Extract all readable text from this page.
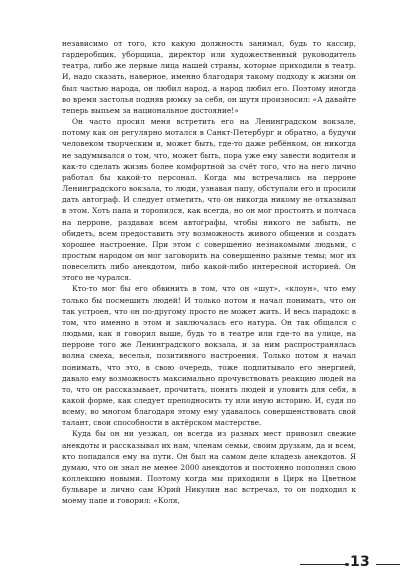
независимо от того, кто какую должность занимал, будь то кассир, гардеробщик, уборщица, директор или художественный руководитель театра, либо же первые лица нашей страны, которые приходили в театр. И, надо сказать, наверное, именно благодаря такому подходу к жизни он был частью народа, он любил народ, а народ любил его. Поэтому иногда во время застолья подняв рюмку за себя, он шутя произносил: «А давайте теперь выпьем за национальное достояние!»

Он часто просил меня встретить его на Ленинградском вокзале, потому как он регулярно мотался в Санкт-Петербург и обратно, а будучи человеком творческим и, может быть, где-то даже ребёнком, он никогда не задумывался о том, что, может быть, пора уже ему завести водителя и как-то сделать жизнь более комфортной за счёт того, что на него лично работал бы какой-то персонал. Когда мы встречались на перроне Ленинградского вокзала, то люди, узнавая папу, обступали его и просили дать автограф. И следует отметить, что он никогда никому не отказывал в этом. Хоть папа и торопился, как всегда, но он мог простоять и полчаса на перроне, раздавая всем автографы, чтобы никого не забыть, не обидеть, всем предоставить эту возможность живого общения и создать хорошее настроение. При этом с совершенно незнакомыми людьми, с простым народом он мог заговорить на совершенно разные темы; мог их повеселить либо анекдотом, либо какой-либо интересной историей. Он этого не чурался.

Кто-то мог бы его обвинить в том, что он «шут», «клоун», что ему только бы посмешить людей! И только потом я начал понимать, что он так устроен, что он по-другому просто не может жить. И весь парадокс в том, что именно в этом и заключалась его натура. Он так общался с людьми, как я говорил выше, будь то в театре или где-то на улице, на перроне того же Ленинградского вокзала, и за ним распространялась волна смеха, веселья, позитивного настроения. Только потом я начал понимать, что это, в свою очередь, тоже подпитывало его энергией, давало ему возможность максимально прочувствовать реакцию людей на то, что он рассказывает, прочитать, понять людей и уловить для себя, в какой форме, как следует преподносить ту или иную историю. И, судя по всему, во многом благодаря этому ему удавалось совершенствовать свой талант, свои способности в актёрском мастерстве.

Куда бы он ни уезжал, он всегда из разных мест привозил свежие анекдоты и рассказывал их нам, членам семьи, своим друзьям, да и всем, кто попадался ему на пути. Он был на самом деле кладезь анекдотов. Я думаю, что он знал не менее 2000 анекдотов и постоянно пополнял свою коллекцию новыми. Поэтому когда мы приходили в Цирк на Цветном бульваре и лично сам Юрий Никулин нас встречал, то он подходил к моему папе и говорил: «Коля,

13
